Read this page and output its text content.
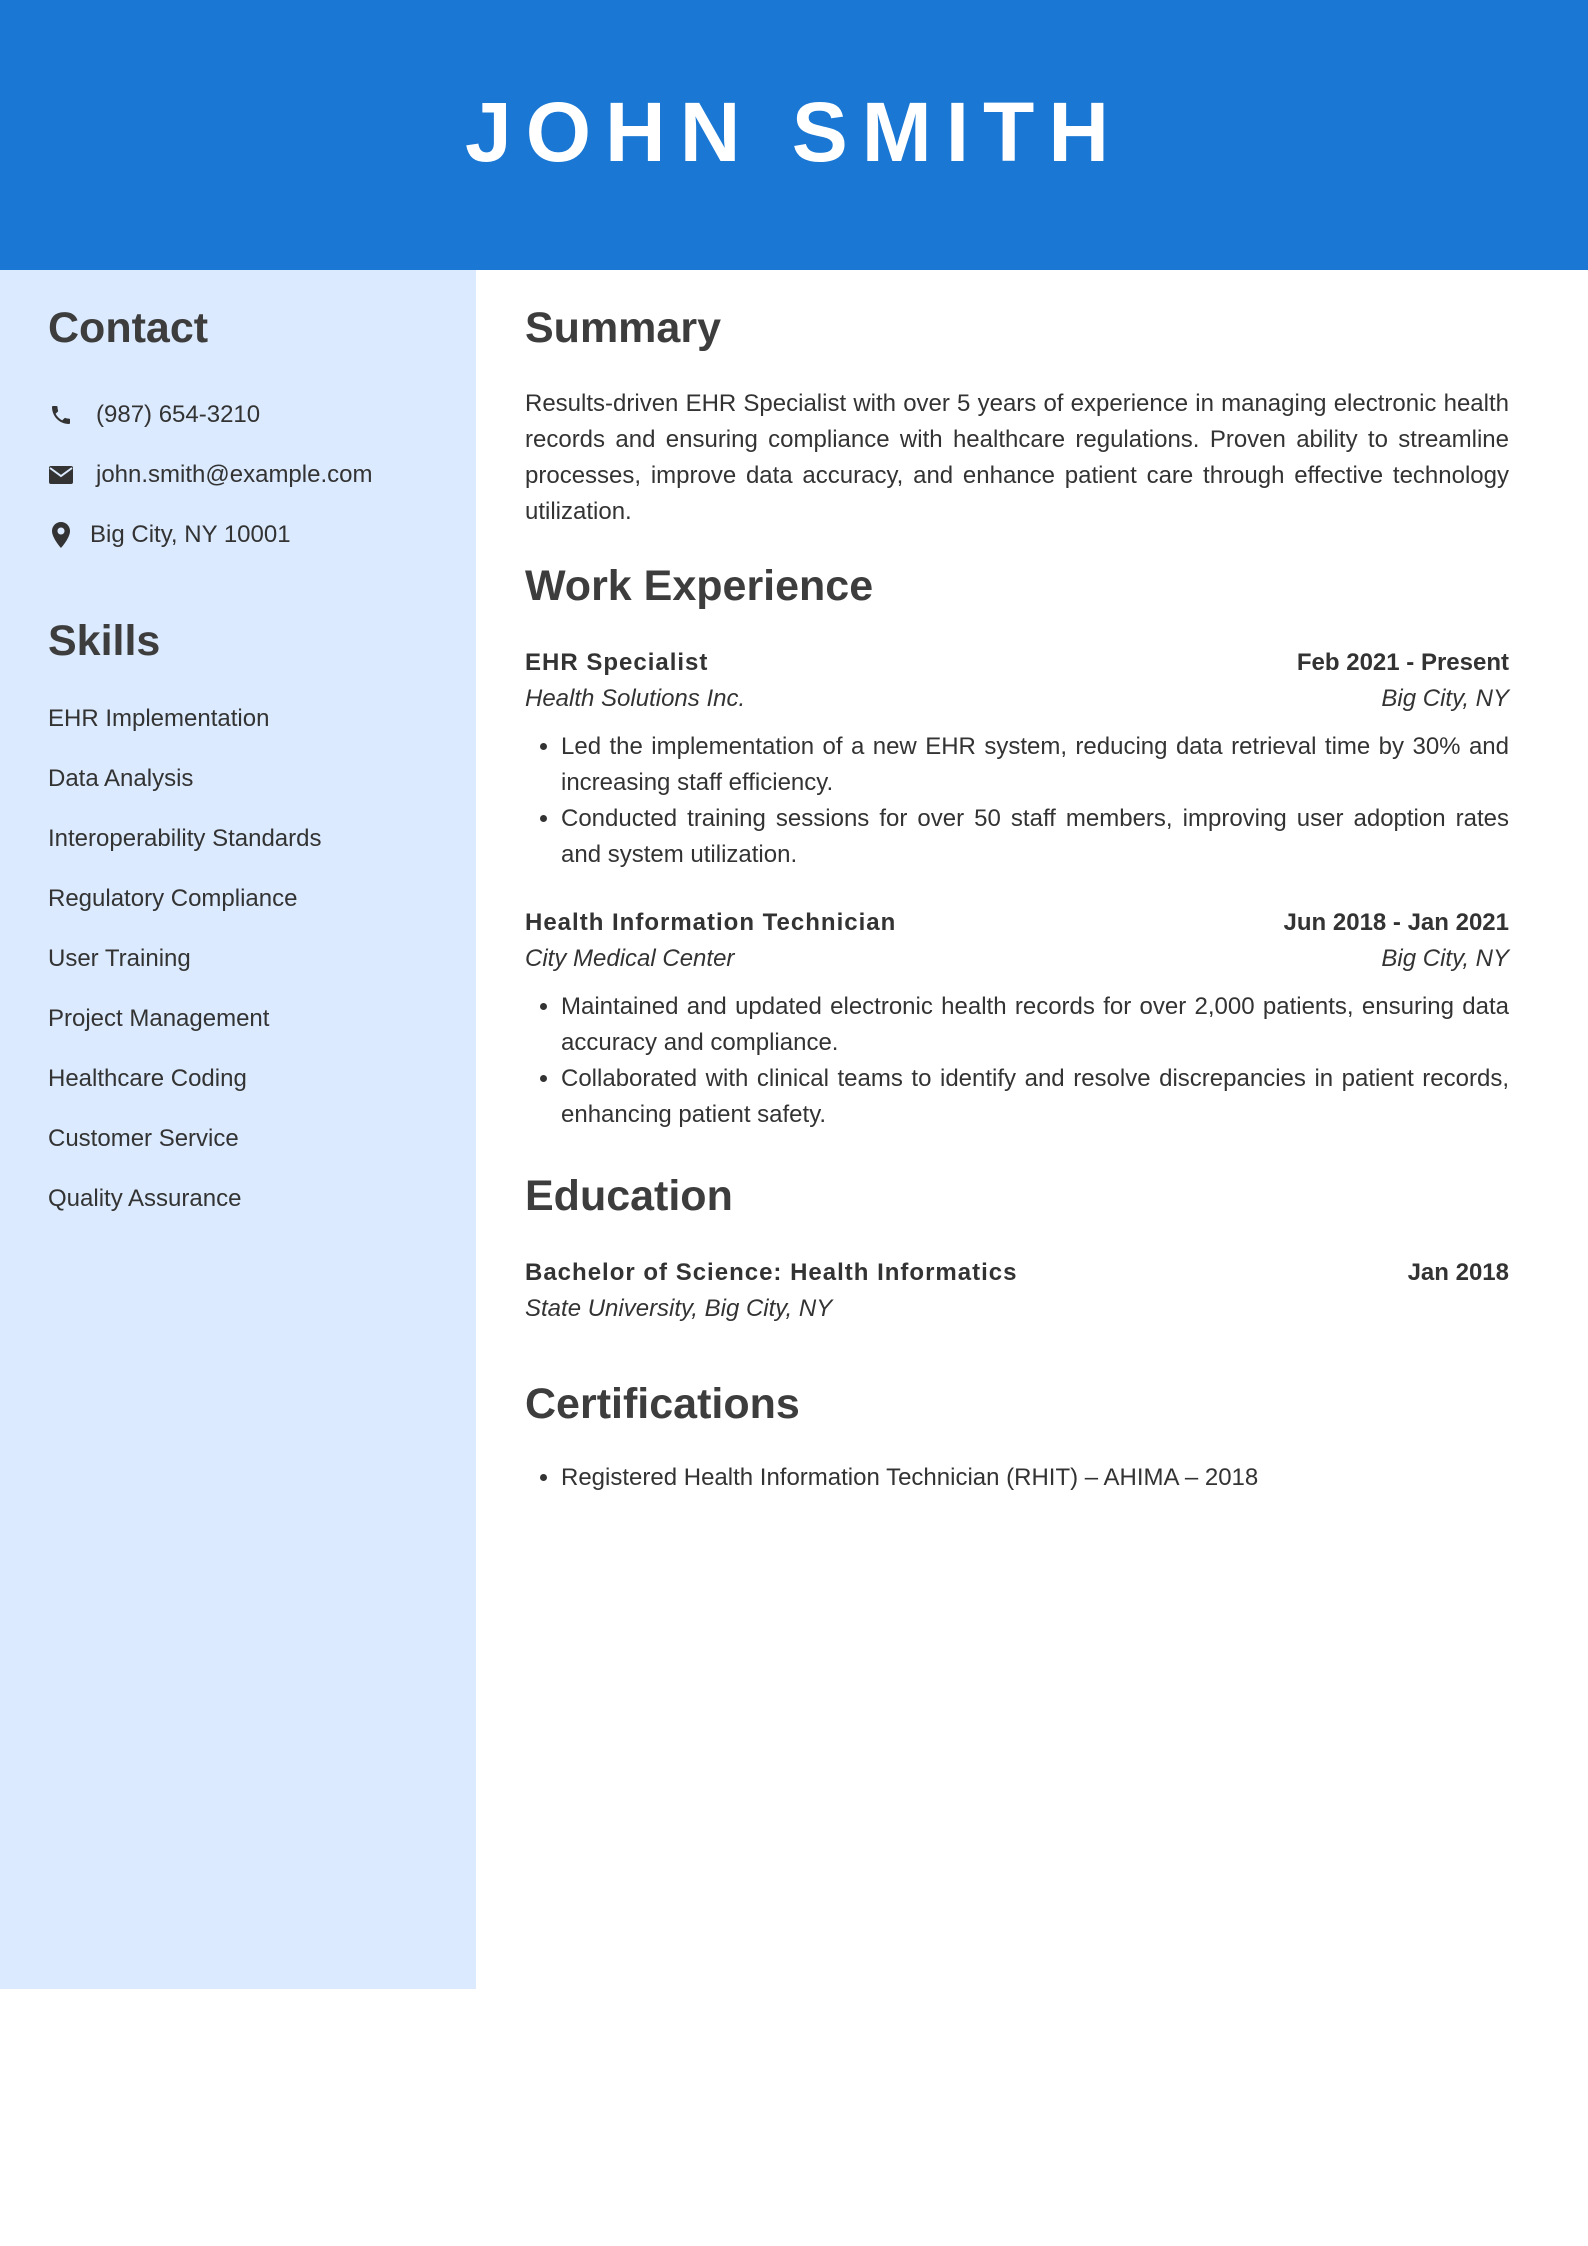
JOHN SMITH
Contact
(987) 654-3210
john.smith@example.com
Big City, NY 10001
Skills
EHR Implementation
Data Analysis
Interoperability Standards
Regulatory Compliance
User Training
Project Management
Healthcare Coding
Customer Service
Quality Assurance
Summary

Results-driven EHR Specialist with over 5 years of experience in managing electronic health records and ensuring compliance with healthcare regulations. Proven ability to streamline processes, improve data accuracy, and enhance patient care through effective technology utilization.

Work Experience
EHR Specialist	Feb 2021 - Present
Health Solutions Inc.	Big City, NY
• Led the implementation of a new EHR system, reducing data retrieval time by 30% and increasing staff efficiency.
• Conducted training sessions for over 50 staff members, improving user adoption rates and system utilization.
Health Information Technician	Jun 2018 - Jan 2021
City Medical Center	Big City, NY
• Maintained and updated electronic health records for over 2,000 patients, ensuring data accuracy and compliance.
• Collaborated with clinical teams to identify and resolve discrepancies in patient records, enhancing patient safety.
Education
Bachelor of Science: Health Informatics	Jan 2018
State University, Big City, NY
Certifications
• Registered Health Information Technician (RHIT) – AHIMA – 2018
